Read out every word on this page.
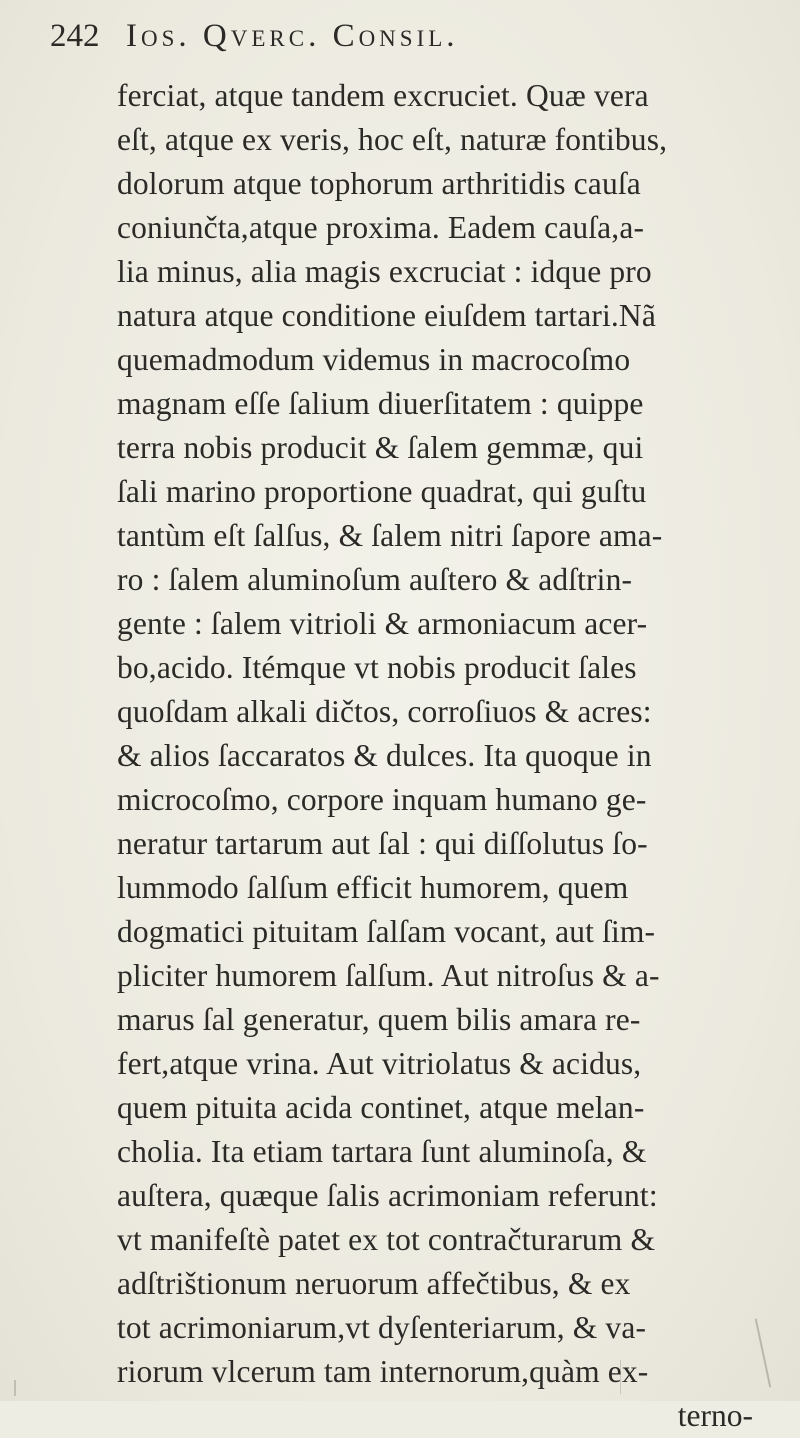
242 Ios. Qverc. Consil.
ferciat, atque tandem excruciet. Quæ vera
eſt, atque ex veris, hoc eſt, naturæ fontibus,
dolorum atque tophorum arthritidis cauſa
coniunčta,atque proxima. Eadem cauſa,a-
lia minus, alia magis excruciat : idque pro
natura atque conditione eiuſdem tartari.Nã
quemadmodum videmus in macrocoſmo
magnam eſſe ſalium diuerſitatem : quippe
terra nobis producit & ſalem gemmæ, qui
ſali marino proportione quadrat, qui guſtu
tantùm eſt ſalſus, & ſalem nitri ſapore ama-
ro : ſalem aluminoſum auſtero & adſtrin-
gente : ſalem vitrioli & armoniacum acer-
bo,acido. Itémque vt nobis producit ſales
quoſdam alkali dičtos, corroſiuos & acres:
& alios ſaccaratos & dulces. Ita quoque in
microcoſmo, corpore inquam humano ge-
neratur tartarum aut ſal : qui diſſolutus ſo-
lummodo ſalſum efficit humorem, quem
dogmatici pituitam ſalſam vocant, aut ſim-
pliciter humorem ſalſum. Aut nitroſus & a-
marus ſal generatur, quem bilis amara re-
fert,atque vrina. Aut vitriolatus & acidus,
quem pituita acida continet, atque melan-
cholia. Ita etiam tartara ſunt aluminoſa, &
auſtera, quæque ſalis acrimoniam referunt:
vt manifeſtè patet ex tot contračturarum &
adſtrištionum neruorum affečtibus, & ex
tot acrimoniarum,vt dyſenteriarum, & va-
riorum vlcerum tam internorum,quàm ex-
terno-
